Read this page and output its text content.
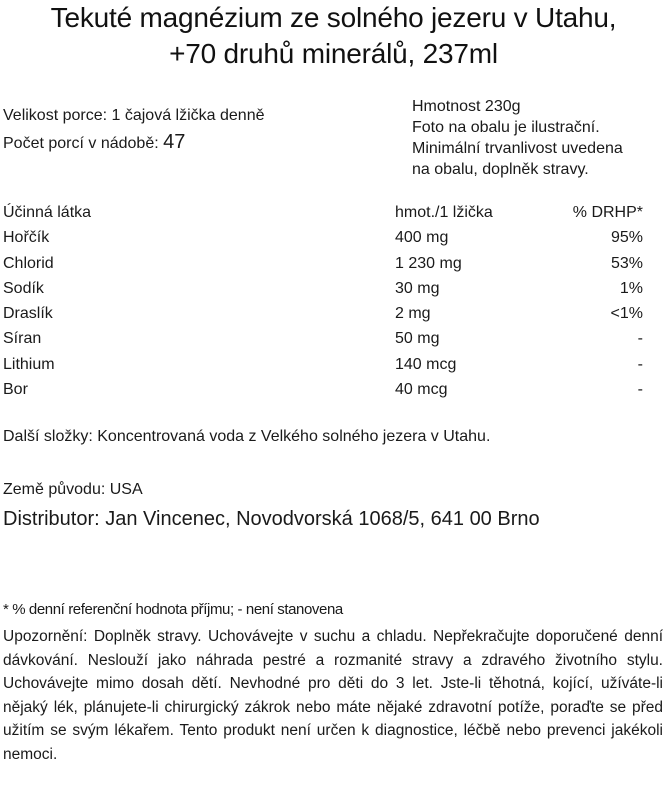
Tekuté magnézium ze solného jezeru v Utahu,
+70 druhů minerálů, 237ml
Velikost porce: 1 čajová lžička denně
Počet porcí v nádobě: 47
Hmotnost 230g
Foto na obalu je ilustrační.
Minimální trvanlivost uvedena
na obalu, doplněk stravy.
Účinná látka	hmot./1 lžička	% DRHP*
Hořčík	400 mg	95%
Chlorid	1 230 mg	53%
Sodík	30 mg	1%
Draslík	2 mg	<1%
Síran	50 mg	-
Lithium	140 mcg	-
Bor	40 mcg	-
Další složky: Koncentrovaná voda z Velkého solného jezera v Utahu.
Země původu: USA
Distributor: Jan Vincenec, Novodvorská 1068/5, 641 00 Brno
* % denní referenční hodnota příjmu; - není stanovena
Upozornění: Doplněk stravy. Uchovávejte v suchu a chladu. Nepřekračujte doporučené denní dávkování. Neslouží jako náhrada pestré a rozmanité stravy a zdravého životního stylu. Uchovávejte mimo dosah dětí. Nevhodné pro děti do 3 let. Jste-li těhotná, kojící, užíváte-li nějaký lék, plánujete-li chirurgický zákrok nebo máte nějaké zdravotní potíže, poraďte se před užitím se svým lékařem. Tento produkt není určen k diagnostice, léčbě nebo prevenci jakékoli nemoci.
